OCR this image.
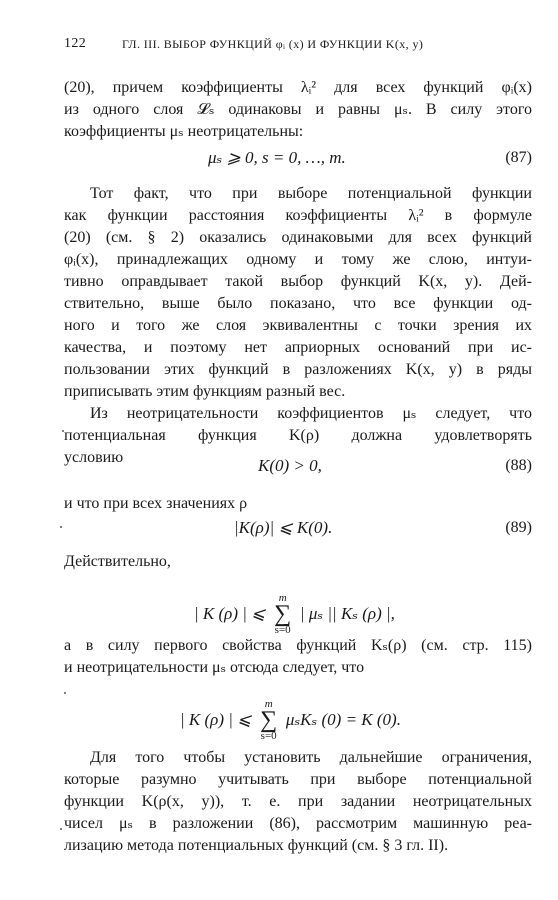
122	ГЛ. III. ВЫБОР ФУНКЦИЙ φᵢ (x) И ФУНКЦИИ K(x, y)
(20), причем коэффициенты λᵢ² для всех функций φᵢ(x)
из одного слоя 𝓛ₛ одинаковы и равны μₛ. В силу этого
коэффициенты μₛ неотрицательны:
μₛ ⩾ 0, s = 0, …, m.	(87)
Тот факт, что при выборе потенциальной функции
как функции расстояния коэффициенты λᵢ² в формуле
(20) (см. § 2) оказались одинаковыми для всех функций
φᵢ(x), принадлежащих одному и тому же слою, интуи-
тивно оправдывает такой выбор функций K(x, y). Дей-
ствительно, выше было показано, что все функции од-
ного и того же слоя эквивалентны с точки зрения их
качества, и поэтому нет априорных оснований при ис-
пользовании этих функций в разложениях K(x, y) в ряды
приписывать этим функциям разный вес.
Из неотрицательности коэффициентов μₛ следует, что
потенциальная функция K(ρ) должна удовлетворять
условию	K(0) > 0,	(88)
и что при всех значениях ρ
|K(ρ)| ⩽ K(0).	(89)
Действительно,
| K (ρ) | ⩽
m
∑
s=0
| μₛ || Kₛ (ρ) |,
а в силу первого свойства функций Kₛ(ρ) (см. стр. 115)
и неотрицательности μₛ отсюда следует, что
| K (ρ) | ⩽
m
∑
s=0
μₛKₛ (0) = K (0).
Для того чтобы установить дальнейшие ограничения,
которые разумно учитывать при выборе потенциальной
функции K(ρ(x, y)), т. е. при задании неотрицательных
чисел μₛ в разложении (86), рассмотрим машинную реа-
лизацию метода потенциальных функций (см. § 3 гл. II).
